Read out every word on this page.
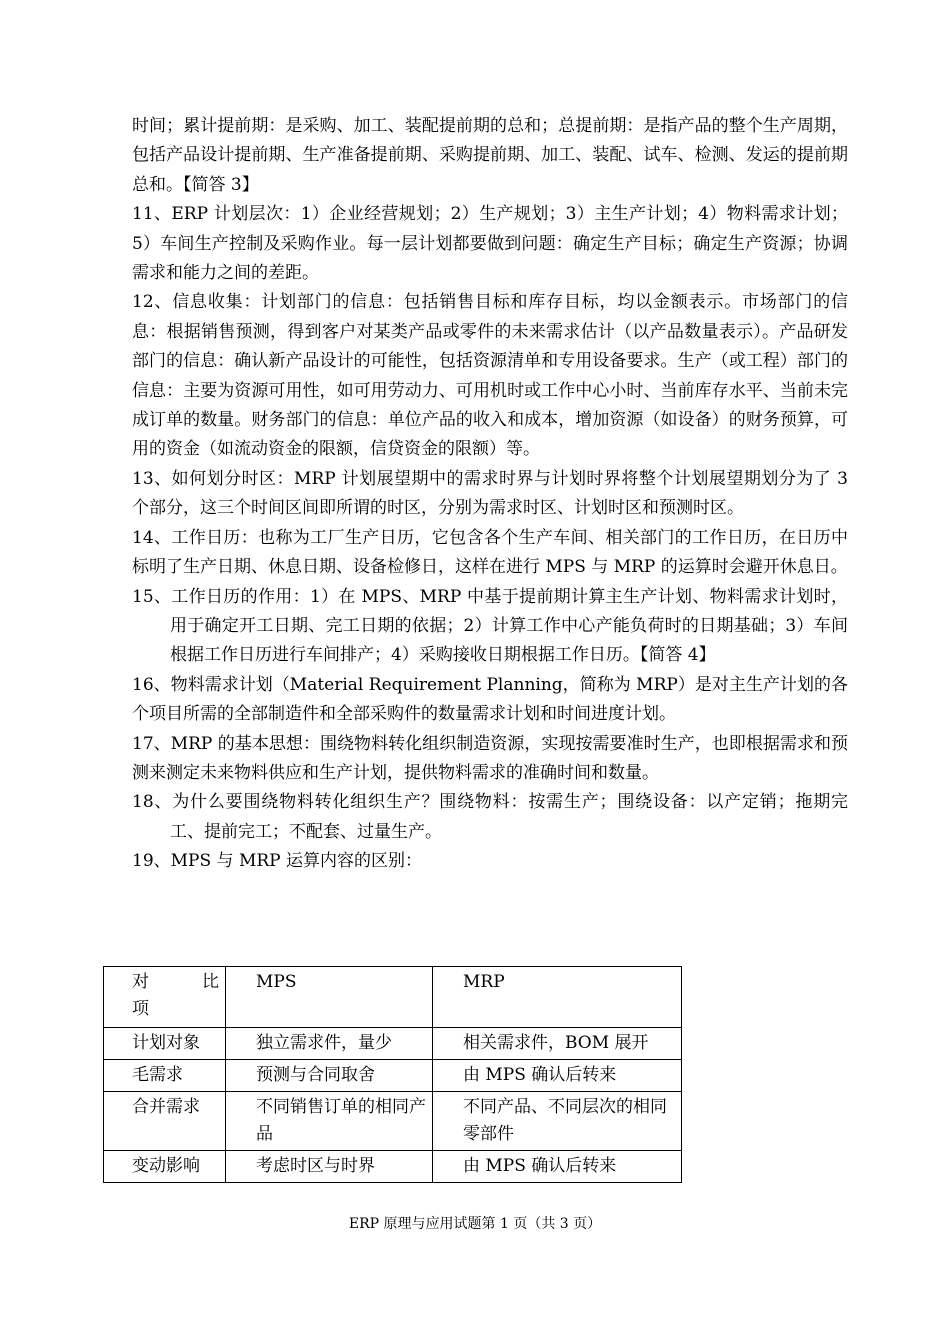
时间；累计提前期：是采购、加工、装配提前期的总和；总提前期：是指产品的整个生产周期，包括产品设计提前期、生产准备提前期、采购提前期、加工、装配、试车、检测、发运的提前期总和。【简答 3】

11、ERP 计划层次：1）企业经营规划；2）生产规划；3）主生产计划；4）物料需求计划；5）车间生产控制及采购作业。每一层计划都要做到问题：确定生产目标；确定生产资源；协调需求和能力之间的差距。

12、信息收集：计划部门的信息：包括销售目标和库存目标，均以金额表示。市场部门的信息：根据销售预测，得到客户对某类产品或零件的未来需求估计（以产品数量表示）。产品研发部门的信息：确认新产品设计的可能性，包括资源清单和专用设备要求。生产（或工程）部门的信息：主要为资源可用性，如可用劳动力、可用机时或工作中心小时、当前库存水平、当前未完成订单的数量。财务部门的信息：单位产品的收入和成本，增加资源（如设备）的财务预算，可用的资金（如流动资金的限额，信贷资金的限额）等。

13、如何划分时区：MRP 计划展望期中的需求时界与计划时界将整个计划展望期划分为了 3 个部分，这三个时间区间即所谓的时区，分别为需求时区、计划时区和预测时区。

14、工作日历：也称为工厂生产日历，它包含各个生产车间、相关部门的工作日历，在日历中标明了生产日期、休息日期、设备检修日，这样在进行 MPS 与 MRP 的运算时会避开休息日。

15、工作日历的作用：1）在 MPS、MRP 中基于提前期计算主生产计划、物料需求计划时，用于确定开工日期、完工日期的依据；2）计算工作中心产能负荷时的日期基础；3）车间根据工作日历进行车间排产；4）采购接收日期根据工作日历。【简答 4】

16、物料需求计划（Material Requirement Planning，简称为 MRP）是对主生产计划的各个项目所需的全部制造件和全部采购件的数量需求计划和时间进度计划。

17、MRP 的基本思想：围绕物料转化组织制造资源，实现按需要准时生产，也即根据需求和预测来测定未来物料供应和生产计划，提供物料需求的准确时间和数量。

18、为什么要围绕物料转化组织生产？围绕物料：按需生产；围绕设备：以产定销；拖期完工、提前完工；不配套、过量生产。

19、MPS 与 MRP 运算内容的区别：

对 比
项	MPS	MRP
计划对象	独立需求件，量少	相关需求件，BOM 展开
毛需求	预测与合同取舍	由 MPS 确认后转来
合并需求	不同销售订单的相同产品	不同产品、不同层次的相同零部件
变动影响	考虑时区与时界	由 MPS 确认后转来
ERP 原理与应用试题第 1 页（共 3 页）
